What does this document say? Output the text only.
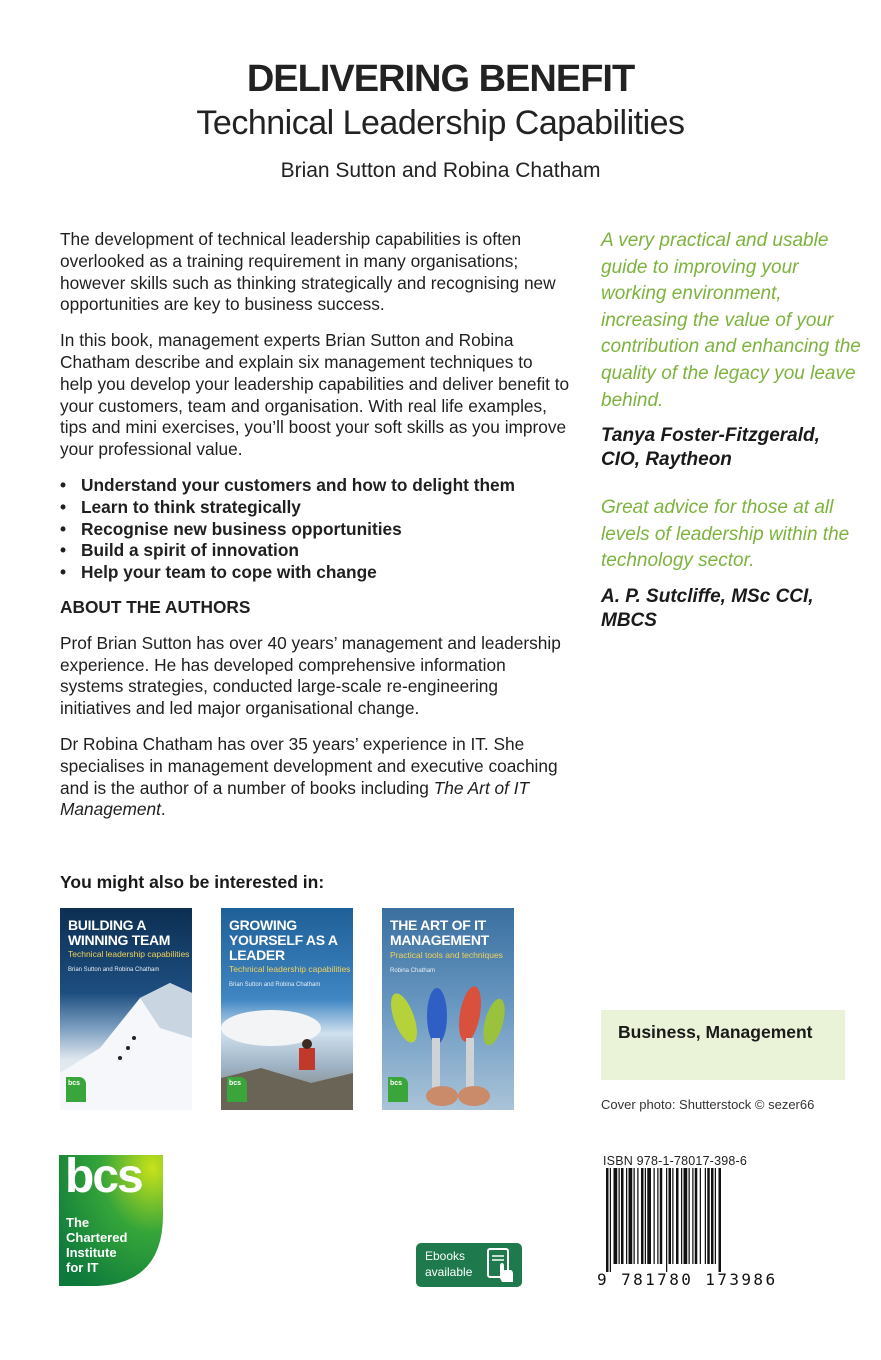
DELIVERING BENEFIT
Technical Leadership Capabilities
Brian Sutton and Robina Chatham

The development of technical leadership capabilities is often overlooked as a training requirement in many organisations; however skills such as thinking strategically and recognising new opportunities are key to business success.

In this book, management experts Brian Sutton and Robina Chatham describe and explain six management techniques to help you develop your leadership capabilities and deliver benefit to your customers, team and organisation. With real life examples, tips and mini exercises, you’ll boost your soft skills as you improve your professional value.

• Understand your customers and how to delight them
• Learn to think strategically
• Recognise new business opportunities
• Build a spirit of innovation
• Help your team to cope with change

ABOUT THE AUTHORS

Prof Brian Sutton has over 40 years’ management and leadership experience. He has developed comprehensive information systems strategies, conducted large-scale re-engineering initiatives and led major organisational change.

Dr Robina Chatham has over 35 years’ experience in IT. She specialises in management development and executive coaching and is the author of a number of books including The Art of IT Management.

A very practical and usable guide to improving your working environment, increasing the value of your contribution and enhancing the quality of the legacy you leave behind.

Tanya Foster-Fitzgerald, CIO, Raytheon

Great advice for those at all levels of leadership within the technology sector.

A. P. Sutcliffe, MSc CCI, MBCS

You might also be interested in:
BUILDING A WINNING TEAM
Technical leadership capabilities
Brian Sutton and Robina Chatham
bcs
GROWING YOURSELF AS A LEADER
Technical leadership capabilities
Brian Sutton and Robina Chatham
bcs
THE ART OF IT MANAGEMENT
Practical tools and techniques
Robina Chatham
bcs
Business, Management
Cover photo: Shutterstock © sezer66
bcs
The
Chartered
Institute
for IT
Ebooks
available
ISBN 978-1-78017-398-6
9 781780 173986
